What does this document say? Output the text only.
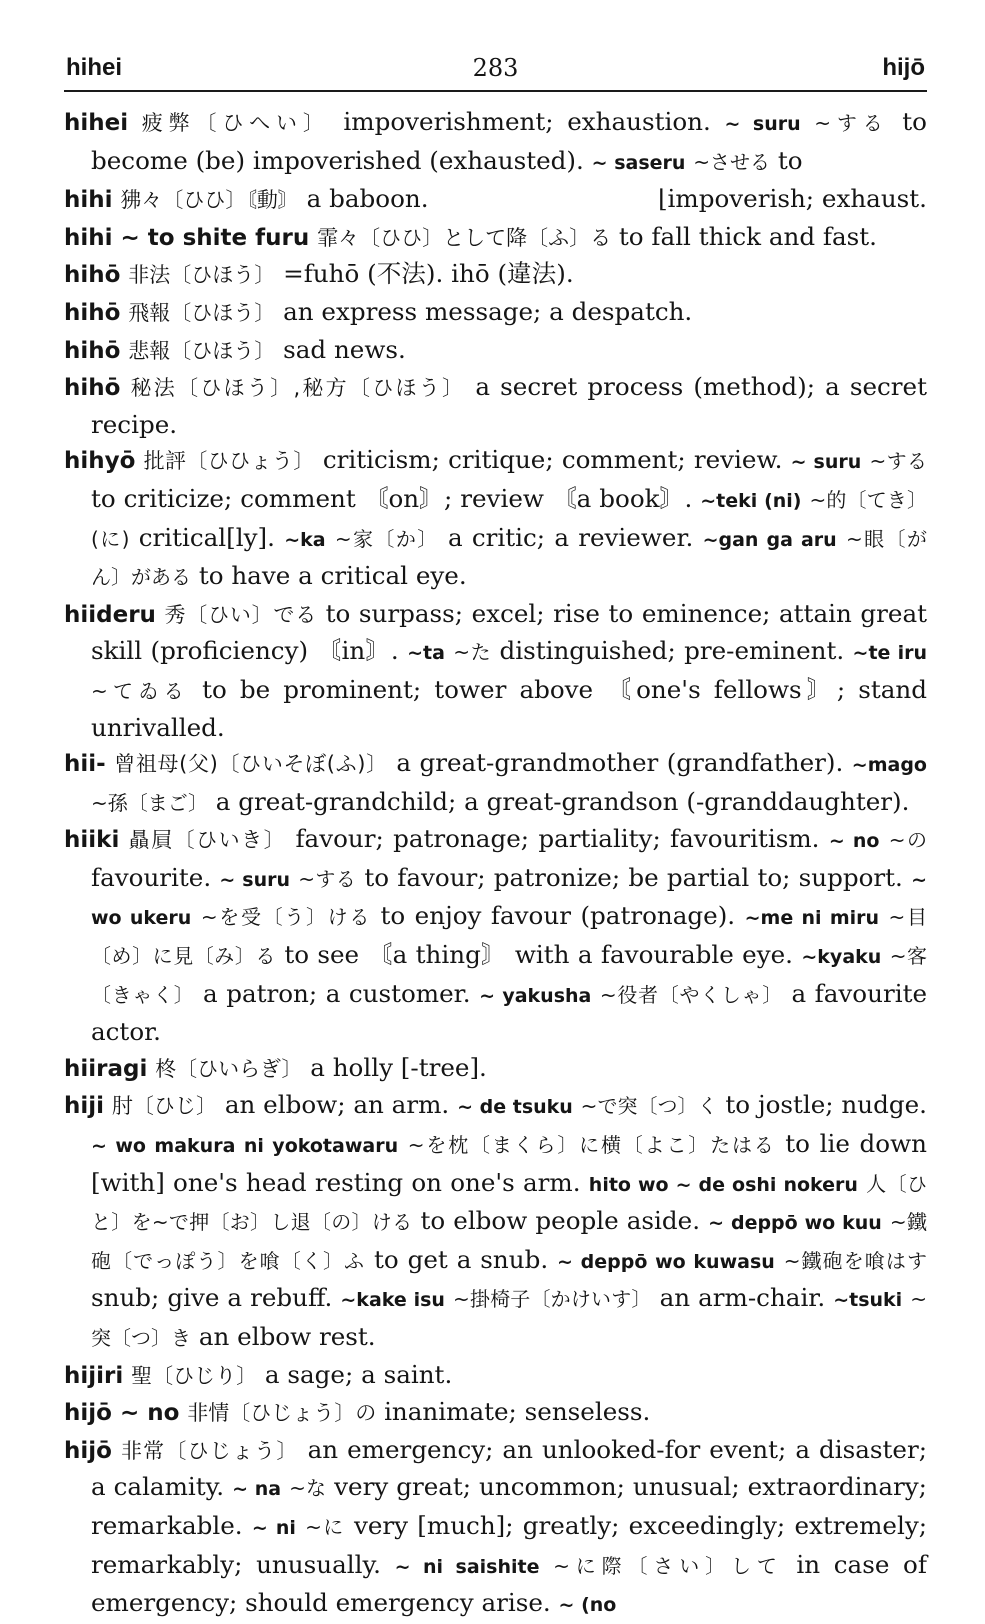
hihei	283	hijō

hihei 疲弊〔ひへい〕 impoverishment; exhaustion. ~ suru ~する to become (be) impoverished (exhausted). ~ saseru ~させる to

hihi 狒々〔ひひ〕〘動〙 a baboon.	⌊impoverish; exhaust.

hihi ~ to shite furu 霏々〔ひひ〕として降〔ふ〕る to fall thick and fast.

hihō 非法〔ひほう〕 =fuhō (不法). ihō (違法).

hihō 飛報〔ひほう〕 an express message; a despatch.

hihō 悲報〔ひほう〕 sad news.

hihō 秘法〔ひほう〕,秘方〔ひほう〕 a secret process (method); a secret recipe.

hihyō 批評〔ひひょう〕 criticism; critique; comment; review. ~ suru ~する to criticize; comment 〘on〙; review 〘a book〙. ~teki (ni) ~的〔てき〕(に) critical[ly]. ~ka ~家〔か〕 a critic; a reviewer. ~gan ga aru ~眼〔がん〕がある to have a critical eye.

hiideru 秀〔ひい〕でる to surpass; excel; rise to eminence; attain great skill (proficiency) 〘in〙. ~ta ~た distinguished; pre-eminent. ~te iru ~てゐる to be prominent; tower above 〘one's fellows〙; stand unrivalled.

hii- 曾祖母(父)〔ひいそぼ(ふ)〕 a great-grandmother (grandfather). ~mago ~孫〔まご〕 a great-grandchild; a great-grandson (-granddaughter).

hiiki 贔屓〔ひいき〕 favour; patronage; partiality; favouritism. ~ no ~の favourite. ~ suru ~する to favour; patronize; be partial to; support. ~ wo ukeru ~を受〔う〕ける to enjoy favour (patronage). ~me ni miru ~目〔め〕に見〔み〕る to see 〘a thing〙 with a favourable eye. ~kyaku ~客〔きゃく〕 a patron; a customer. ~ yakusha ~役者〔やくしゃ〕 a favourite actor.

hiiragi 柊〔ひいらぎ〕 a holly [-tree].

hiji 肘〔ひじ〕 an elbow; an arm. ~ de tsuku ~で突〔つ〕く to jostle; nudge. ~ wo makura ni yokotawaru ~を枕〔まくら〕に横〔よこ〕たはる to lie down [with] one's head resting on one's arm. hito wo ~ de oshi nokeru 人〔ひと〕を~で押〔お〕し退〔の〕ける to elbow people aside. ~ deppō wo kuu ~鐵砲〔でっぽう〕を喰〔く〕ふ to get a snub. ~ deppō wo kuwasu ~鐵砲を喰はす snub; give a rebuff. ~kake isu ~掛椅子〔かけいす〕 an arm-chair. ~tsuki ~突〔つ〕き an elbow rest.

hijiri 聖〔ひじり〕 a sage; a saint.

hijō ~ no 非情〔ひじょう〕の inanimate; senseless.

hijō 非常〔ひじょう〕 an emergency; an unlooked-for event; a disaster; a calamity. ~ na ~な very great; uncommon; unusual; extraordinary; remarkable. ~ ni ~に very [much]; greatly; exceedingly; extremely; remarkably; unusually. ~ ni saishite ~に際〔さい〕して in case of emergency; should emergency arise. ~ (no
